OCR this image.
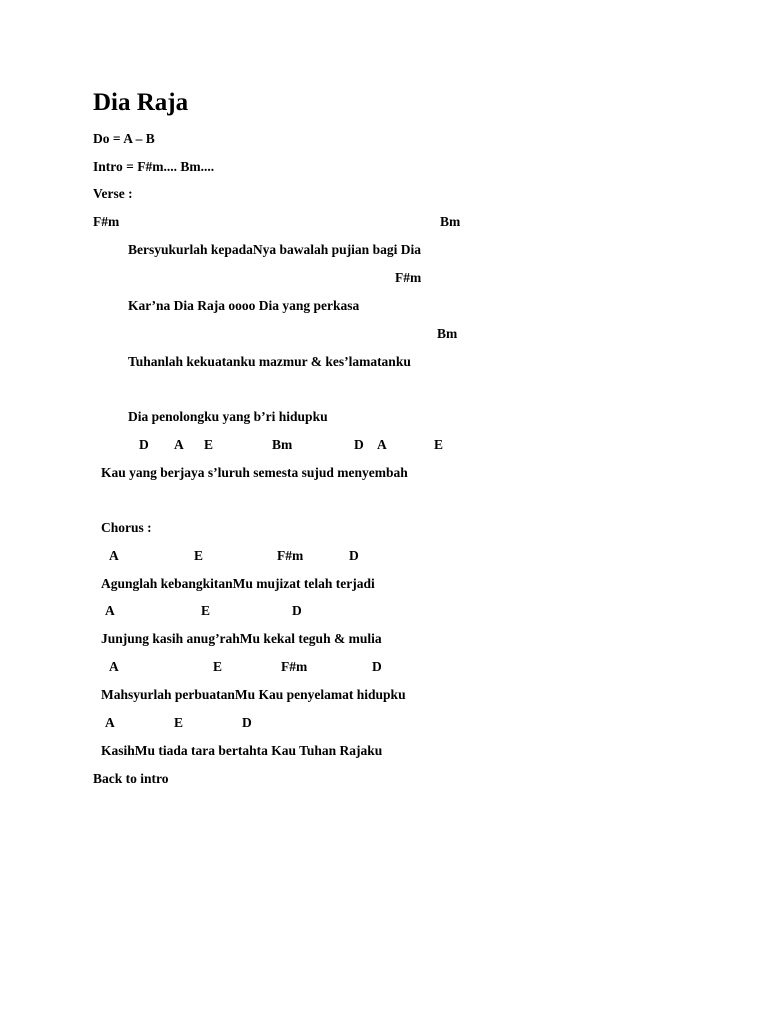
Dia Raja
Do = A – B
Intro = F#m.... Bm....
Verse :
F#m	Bm
Bersyukurlah kepadaNya bawalah pujian bagi Dia
F#m
Kar’na Dia Raja oooo Dia yang perkasa
Bm
Tuhanlah kekuatanku mazmur & kes’lamatanku
Dia penolongku yang b’ri hidupku
D A E	Bm	D A	E
Kau yang berjaya s’luruh semesta sujud menyembah
Chorus :
A	E	F#m	D
Agunglah kebangkitanMu mujizat telah terjadi
A	E	D
Junjung kasih anug’rahMu kekal teguh & mulia
A	E	F#m	D
Mahsyurlah perbuatanMu Kau penyelamat hidupku
A	E	D
KasihMu tiada tara bertahta Kau Tuhan Rajaku
Back to intro
